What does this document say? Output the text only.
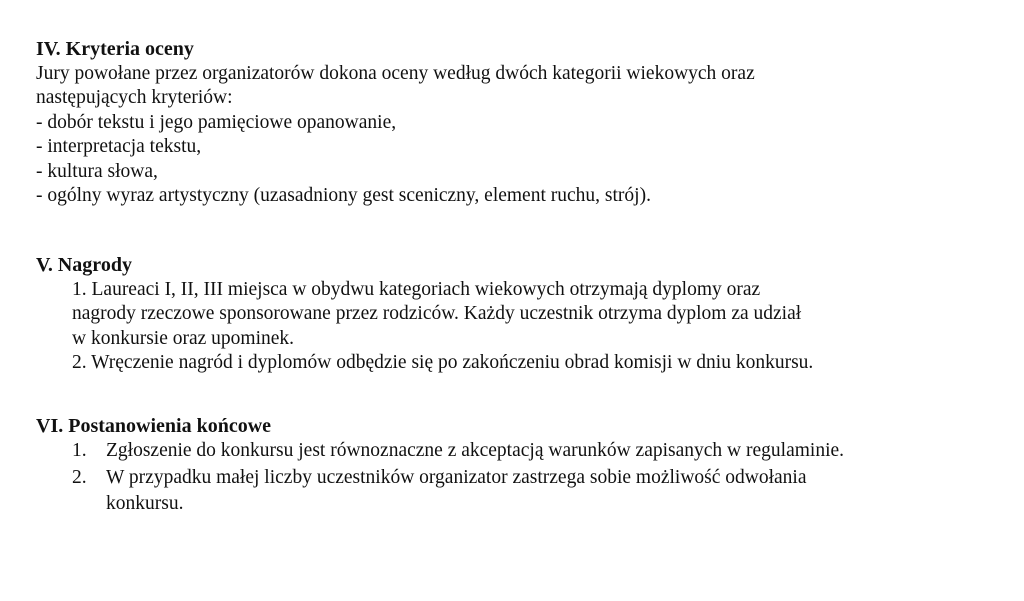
IV. Kryteria oceny
Jury powołane przez organizatorów dokona oceny według dwóch kategorii wiekowych oraz
następujących kryteriów:
- dobór tekstu i jego pamięciowe opanowanie,
- interpretacja tekstu,
- kultura słowa,
- ogólny wyraz artystyczny (uzasadniony gest sceniczny, element ruchu, strój).
V. Nagrody
1. Laureaci I, II, III miejsca w obydwu kategoriach wiekowych otrzymają dyplomy oraz
nagrody rzeczowe sponsorowane przez rodziców. Każdy uczestnik otrzyma dyplom za udział
w konkursie oraz upominek.
2. Wręczenie nagród i dyplomów odbędzie się po zakończeniu obrad komisji w dniu konkursu.
VI. Postanowienia końcowe
1. Zgłoszenie do konkursu jest równoznaczne z akceptacją warunków zapisanych w regulaminie.
2. W przypadku małej liczby uczestników organizator zastrzega sobie możliwość odwołania
konkursu.
